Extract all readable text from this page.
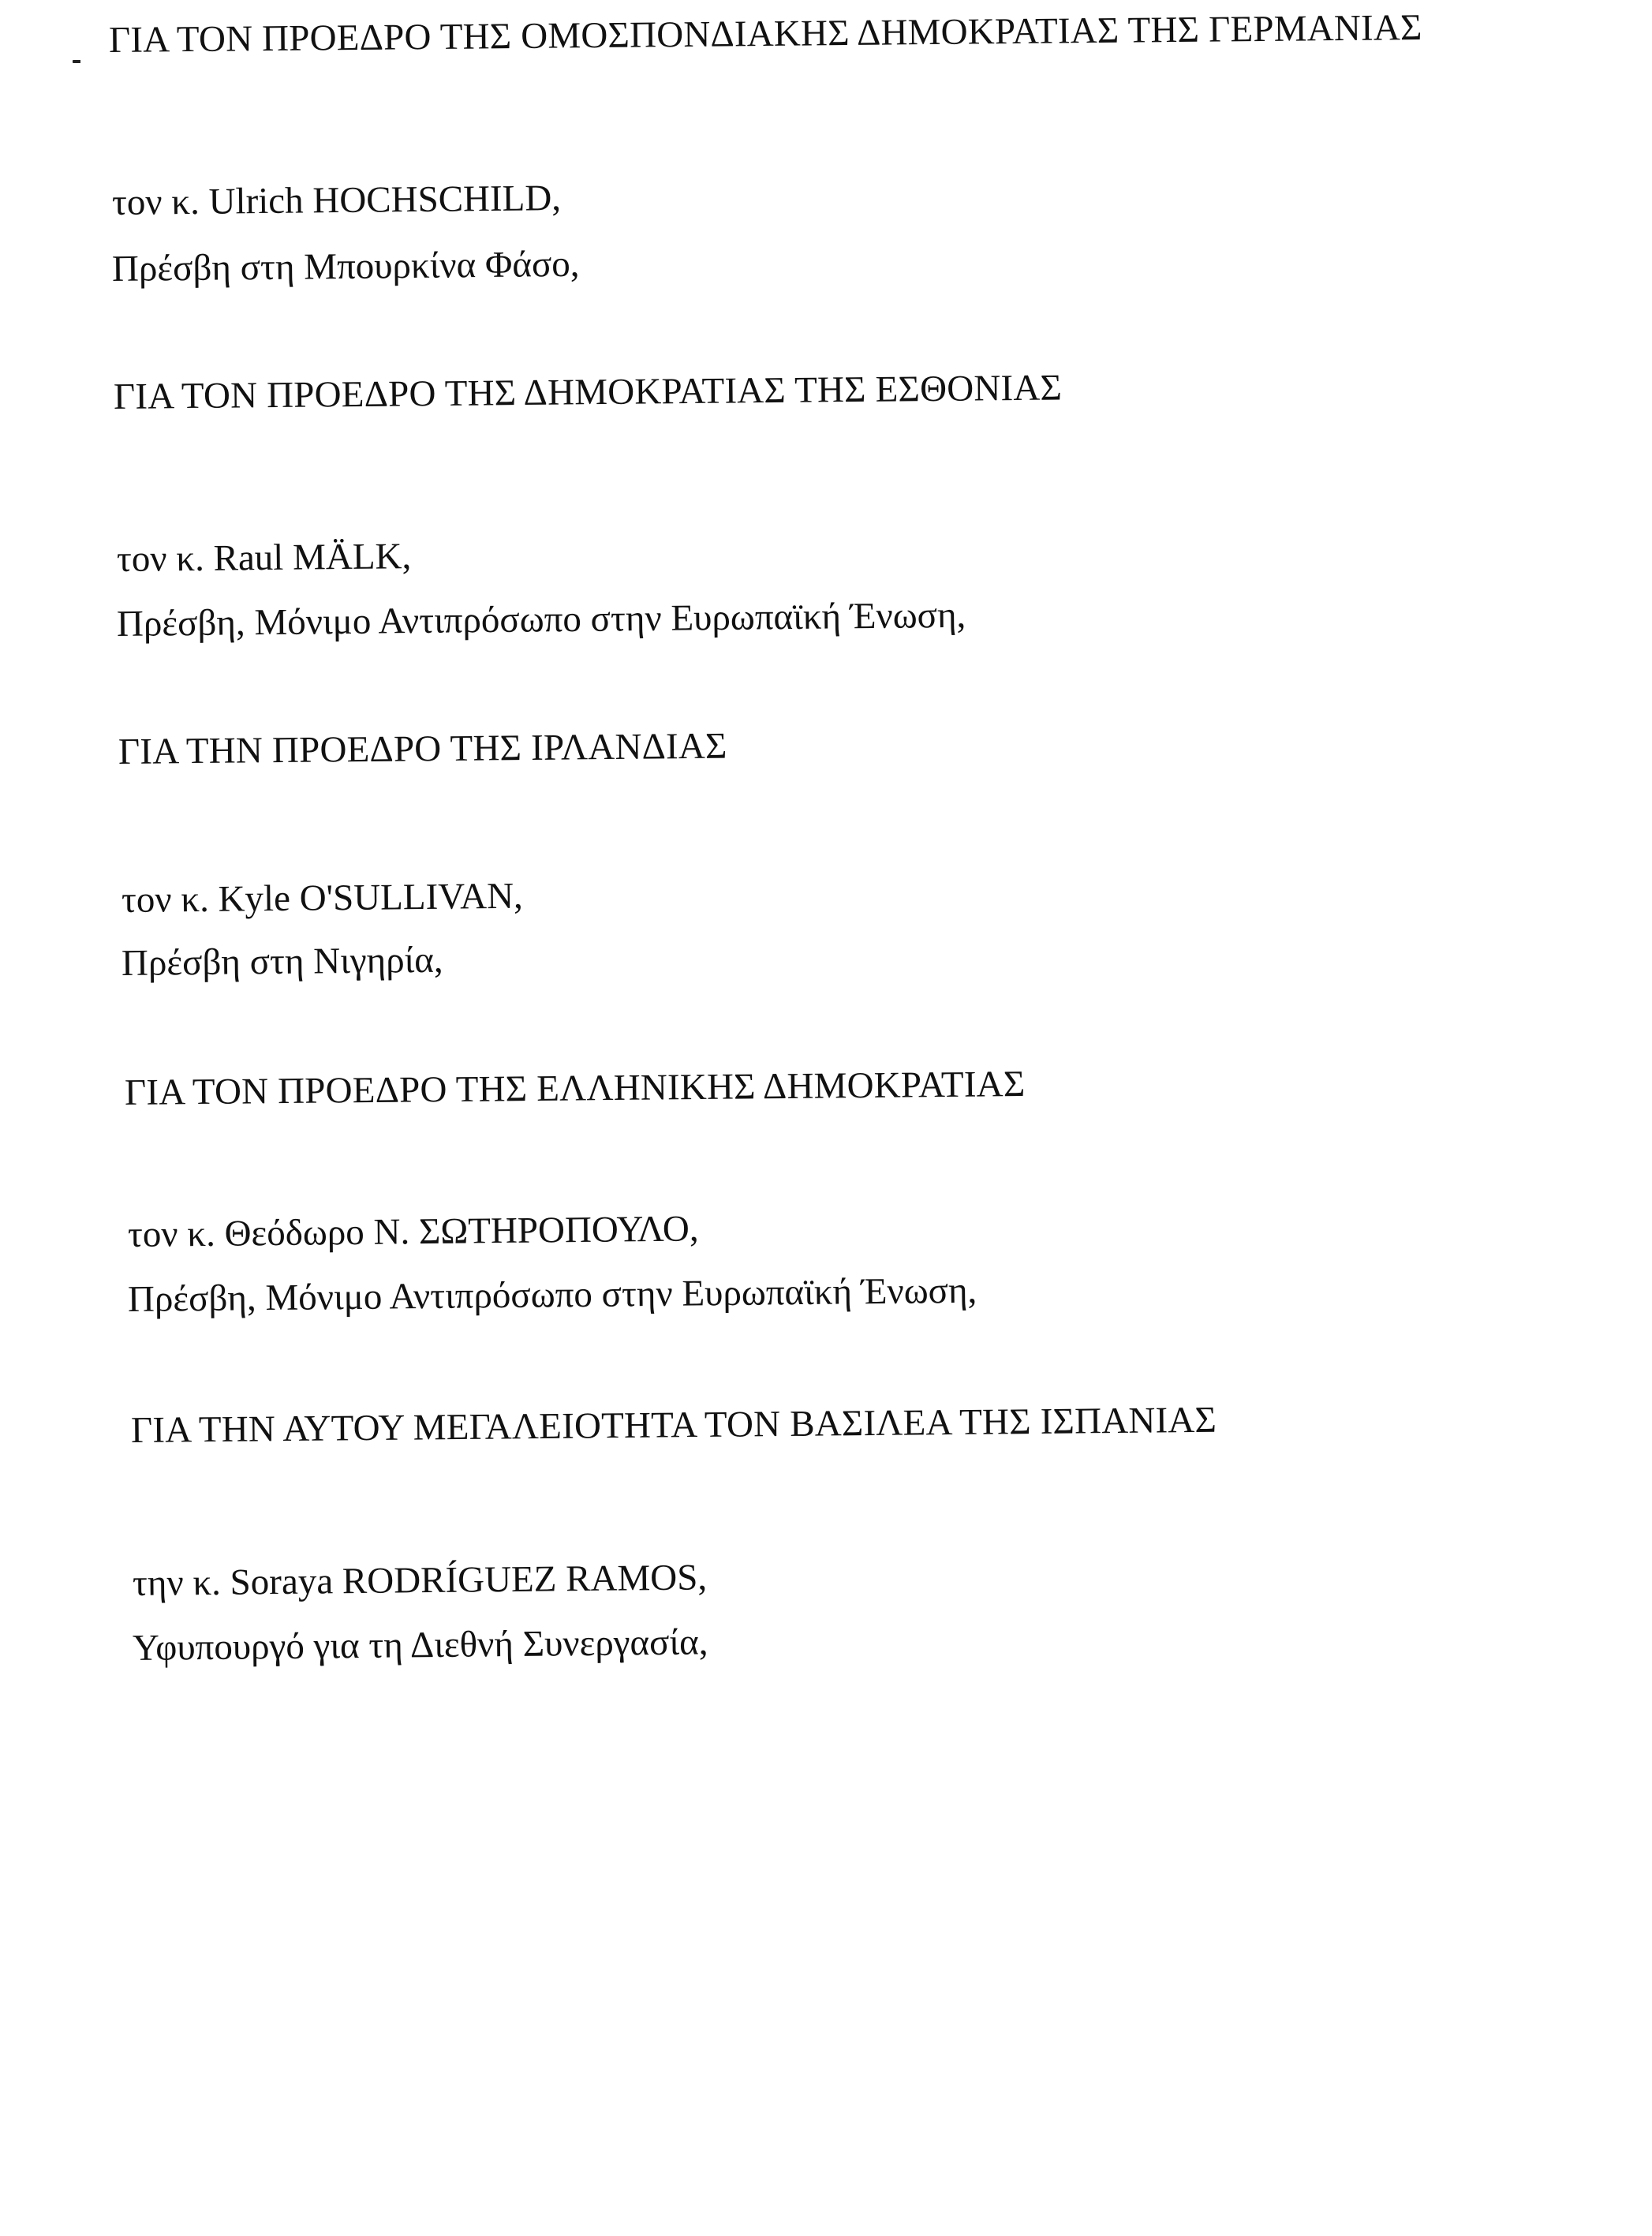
ΓΙΑ ΤΟΝ ΠΡΟΕΔΡΟ ΤΗΣ ΟΜΟΣΠΟΝΔΙΑΚΗΣ ΔΗΜΟΚΡΑΤΙΑΣ ΤΗΣ ΓΕΡΜΑΝΙΑΣ
τον κ. Ulrich HOCHSCHILD,
Πρέσβη στη Μπουρκίνα Φάσο,
ΓΙΑ ΤΟΝ ΠΡΟΕΔΡΟ ΤΗΣ ΔΗΜΟΚΡΑΤΙΑΣ ΤΗΣ ΕΣΘΟΝΙΑΣ
τον κ. Raul MÄLK,
Πρέσβη, Μόνιμο Αντιπρόσωπο στην Ευρωπαϊκή Ένωση,
ΓΙΑ ΤΗΝ ΠΡΟΕΔΡΟ ΤΗΣ ΙΡΛΑΝΔΙΑΣ
τον κ. Kyle O'SULLIVAN,
Πρέσβη στη Νιγηρία,
ΓΙΑ ΤΟΝ ΠΡΟΕΔΡΟ ΤΗΣ ΕΛΛΗΝΙΚΗΣ ΔΗΜΟΚΡΑΤΙΑΣ
τον κ. Θεόδωρο Ν. ΣΩΤΗΡΟΠΟΥΛΟ,
Πρέσβη, Μόνιμο Αντιπρόσωπο στην Ευρωπαϊκή Ένωση,
ΓΙΑ ΤΗΝ ΑΥΤΟΥ ΜΕΓΑΛΕΙΟΤΗΤΑ ΤΟΝ ΒΑΣΙΛΕΑ ΤΗΣ ΙΣΠΑΝΙΑΣ
την κ. Soraya RODRÍGUEZ RAMOS,
Υφυπουργό για τη Διεθνή Συνεργασία,
